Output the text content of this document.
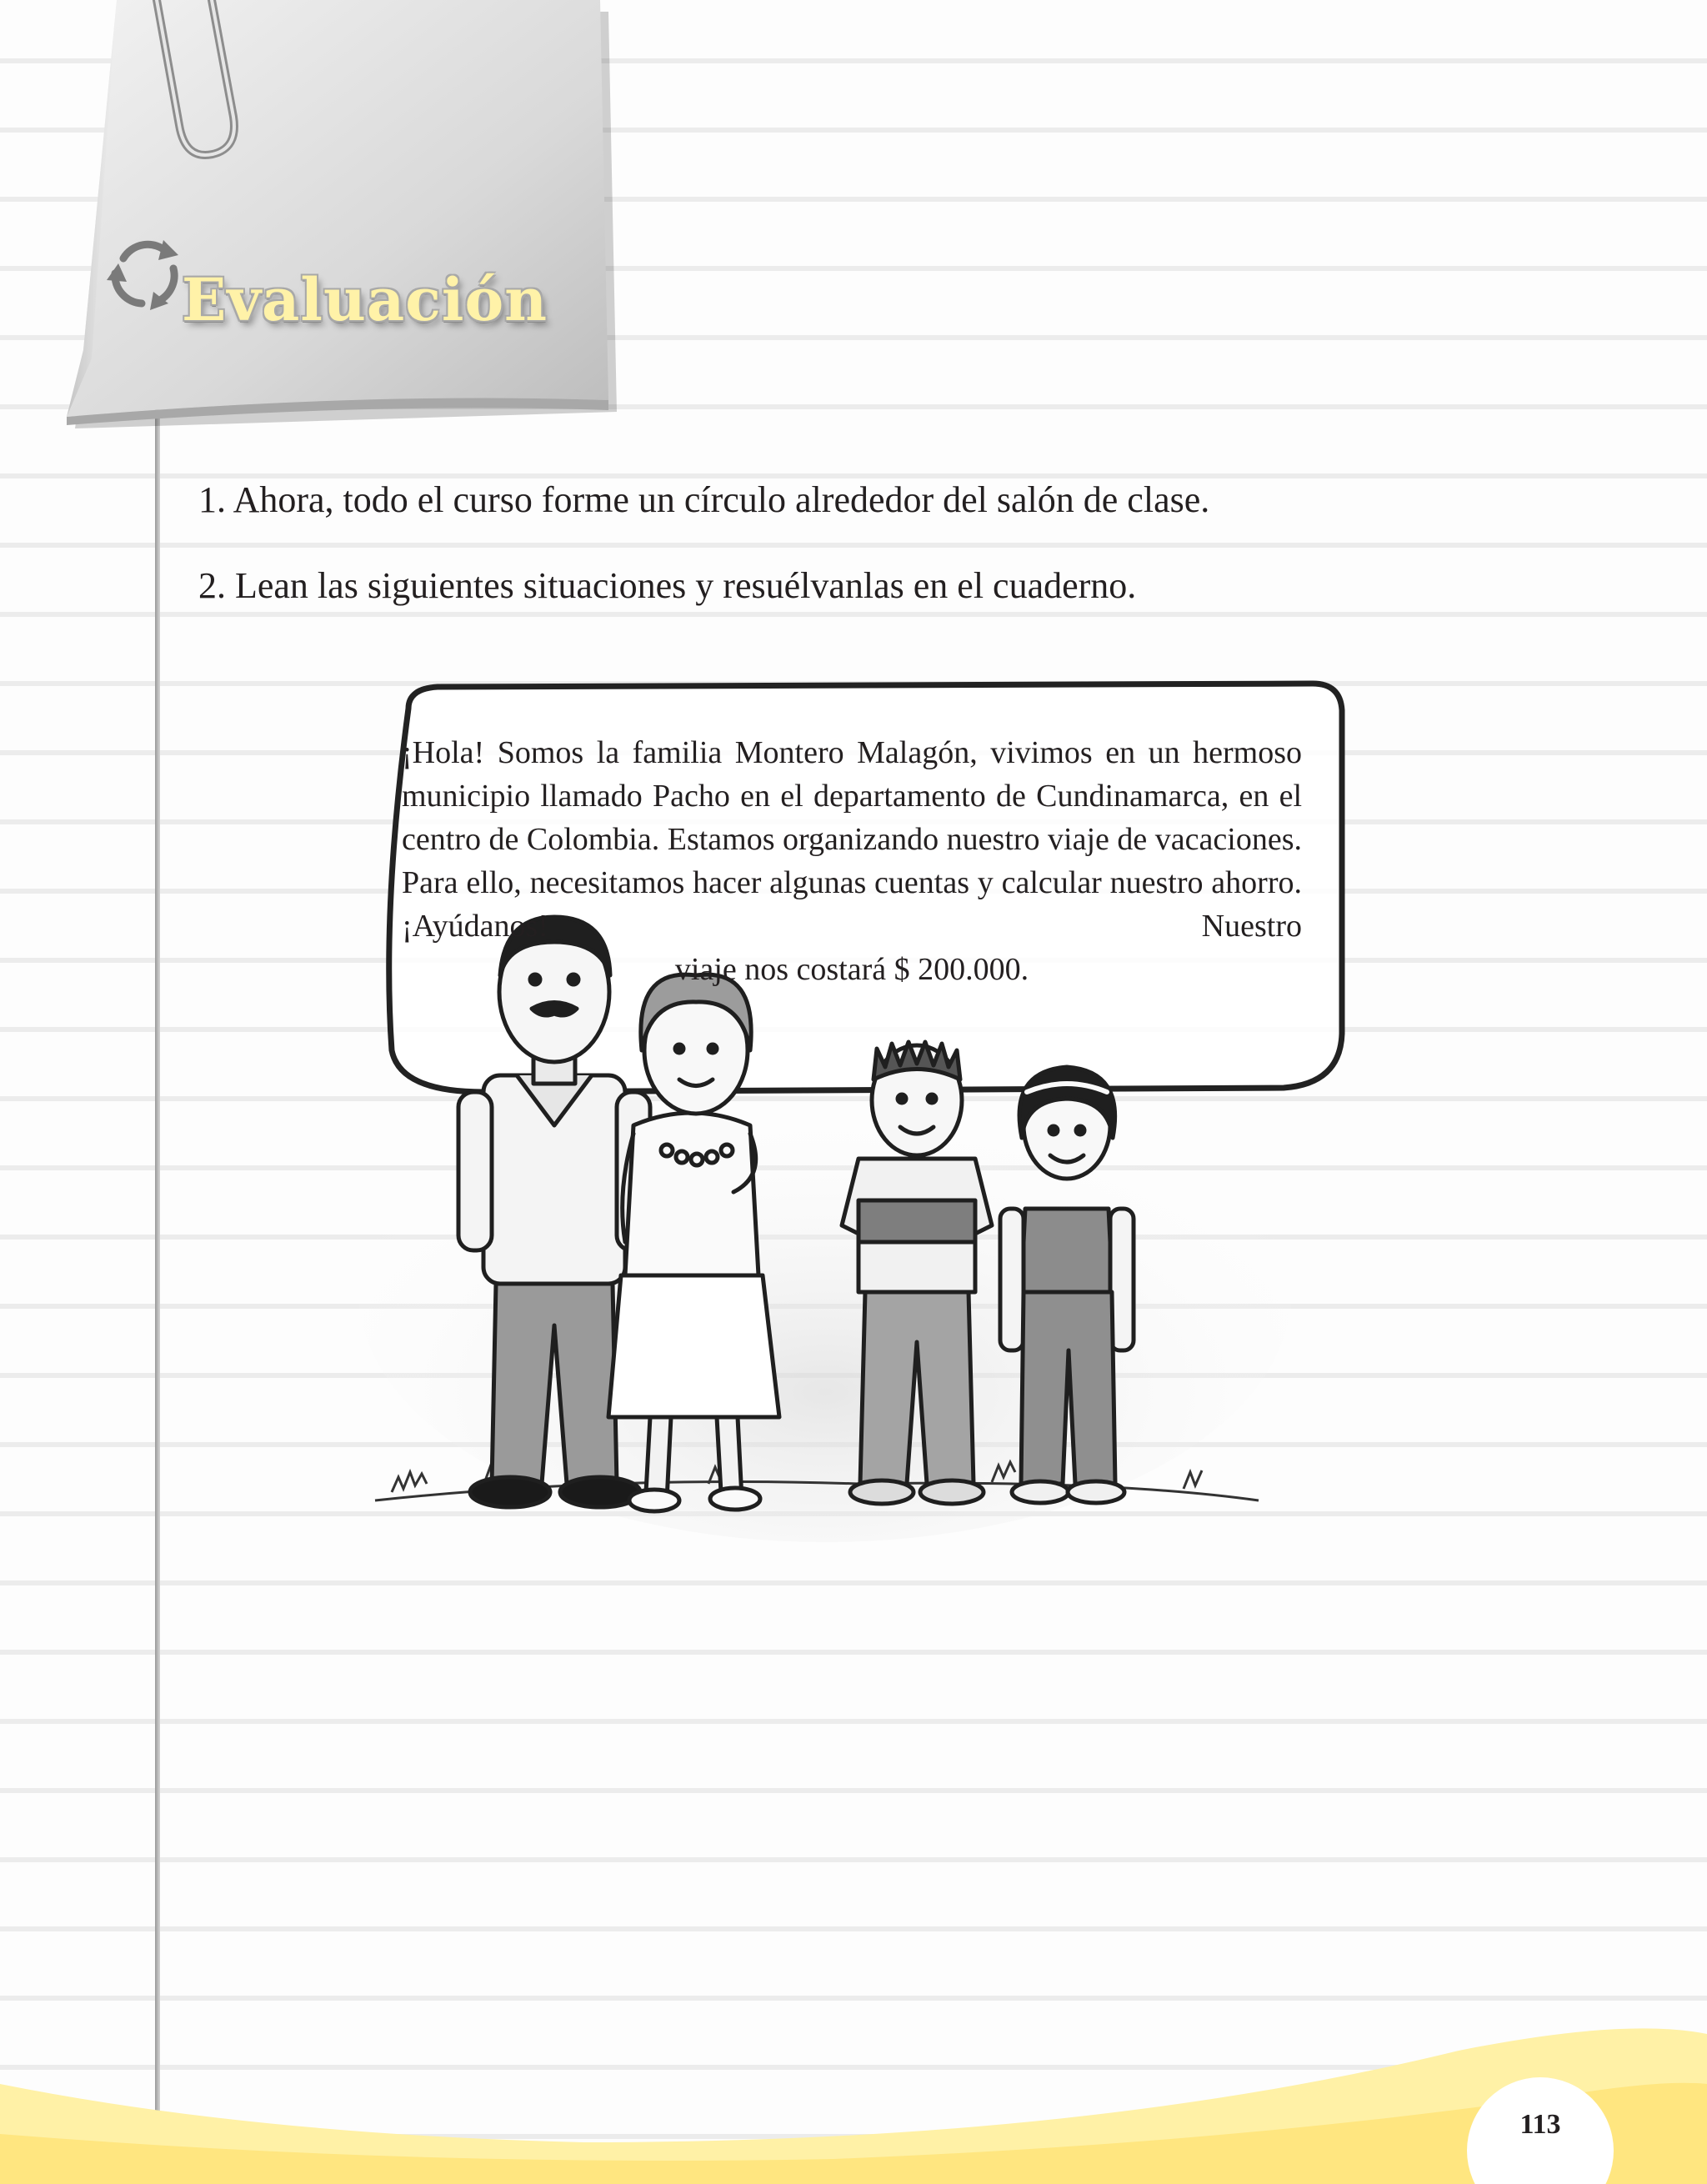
Evaluación

1. Ahora, todo el curso forme un círculo alrededor del salón de clase.

2. Lean las siguientes situaciones y resuélvanlas en el cuaderno.

¡Hola! Somos la familia Montero Malagón, vivimos en un hermoso municipio llamado Pacho en el departamento de Cundinamarca, en el centro de Colombia. Estamos organizando nuestro viaje de vacaciones. Para ello, necesitamos hacer algunas cuentas y calcular nuestro ahorro. ¡Ayúdanos! Nuestro
viaje nos costará $ 200.000.
113
